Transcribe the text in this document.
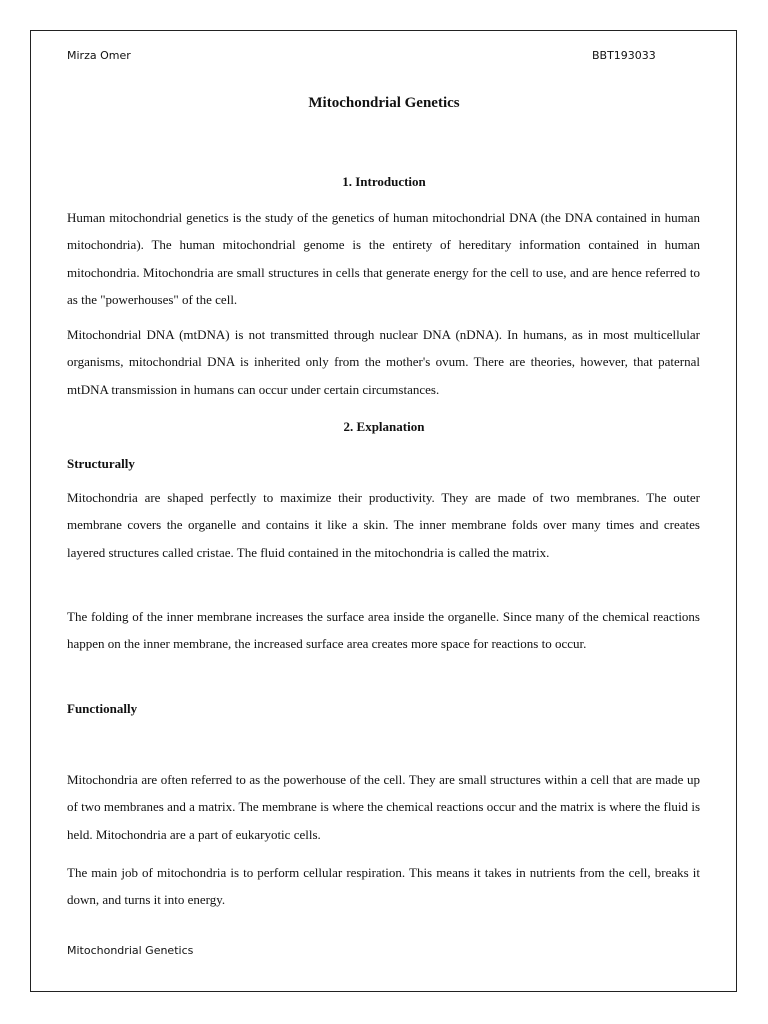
Mirza Omer	BBT193033
Mitochondrial Genetics
1. Introduction

Human mitochondrial genetics is the study of the genetics of human mitochondrial DNA (the DNA contained in human mitochondria). The human mitochondrial genome is the entirety of hereditary information contained in human mitochondria. Mitochondria are small structures in cells that generate energy for the cell to use, and are hence referred to as the "powerhouses" of the cell.

Mitochondrial DNA (mtDNA) is not transmitted through nuclear DNA (nDNA). In humans, as in most multicellular organisms, mitochondrial DNA is inherited only from the mother's ovum. There are theories, however, that paternal mtDNA transmission in humans can occur under certain circumstances.

2. Explanation
Structurally

Mitochondria are shaped perfectly to maximize their productivity. They are made of two membranes. The outer membrane covers the organelle and contains it like a skin. The inner membrane folds over many times and creates layered structures called cristae. The fluid contained in the mitochondria is called the matrix.

The folding of the inner membrane increases the surface area inside the organelle. Since many of the chemical reactions happen on the inner membrane, the increased surface area creates more space for reactions to occur.

Functionally

Mitochondria are often referred to as the powerhouse of the cell. They are small structures within a cell that are made up of two membranes and a matrix. The membrane is where the chemical reactions occur and the matrix is where the fluid is held. Mitochondria are a part of eukaryotic cells.

The main job of mitochondria is to perform cellular respiration. This means it takes in nutrients from the cell, breaks it down, and turns it into energy.

Mitochondrial Genetics
